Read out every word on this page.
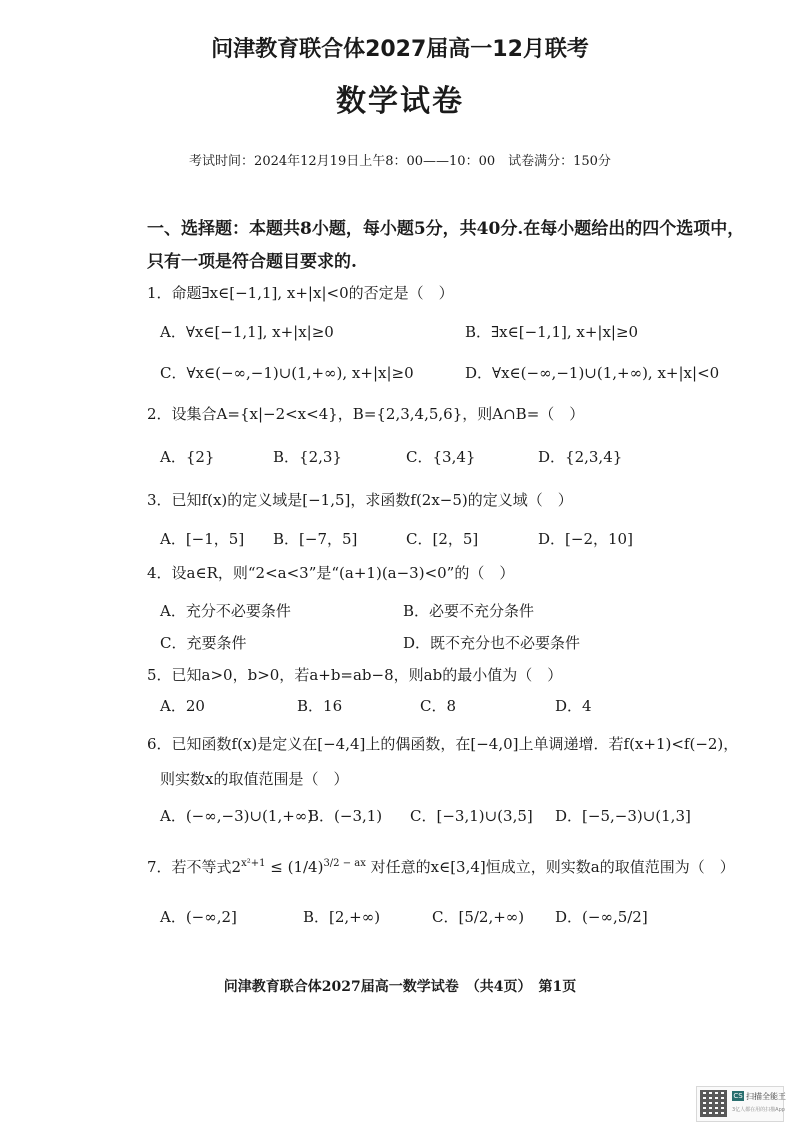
问津教育联合体2027届高一12月联考
数学试卷
考试时间：2024年12月19日上午8：00——10：00　试卷满分：150分
一、选择题：本题共8小题，每小题5分，共40分.在每小题给出的四个选项中，
只有一项是符合题目要求的.
1．命题∃x∈[−1,1], x+|x|<0的否定是（　）
A．∀x∈[−1,1], x+|x|≥0	B．∃x∈[−1,1], x+|x|≥0
C．∀x∈(−∞,−1)∪(1,+∞), x+|x|≥0	D．∀x∈(−∞,−1)∪(1,+∞), x+|x|<0
2．设集合A={x|−2<x<4}，B={2,3,4,5,6}，则A∩B=（　）
A．{2}	B．{2,3}	C．{3,4}	D．{2,3,4}
3．已知f(x)的定义域是[−1,5]，求函数f(2x−5)的定义域（　）
A．[−1，5] B．[−7，5]	C．[2，5]	D．[−2，10]
4．设a∈R，则“2<a<3”是“(a+1)(a−3)<0”的（　）
A．充分不必要条件	B．必要不充分条件
C．充要条件	D．既不充分也不必要条件
5．已知a>0，b>0，若a+b=ab−8，则ab的最小值为（　）
A．20	B．16	C．8	D．4
6．已知函数f(x)是定义在[−4,4]上的偶函数，在[−4,0]上单调递增．若f(x+1)<f(−2)，
则实数x的取值范围是（　）
A．(−∞,−3)∪(1,+∞)
B．(−3,1) C．[−3,1)∪(3,5] D．[−5,−3)∪(1,3]
7．若不等式$2^{x^2+1} \le (1/4)^{3/2 - ax}$ 对任意的x∈[3,4]恒成立，则实数a的取值范围为（　）
A．(−∞,2]	B．[2,+∞)	C．[5/2,+∞) D．(−∞,5/2]
问津教育联合体2027届高一数学试卷　（共4页）　第1页
CS 扫描全能王
3亿人都在用的扫描App
